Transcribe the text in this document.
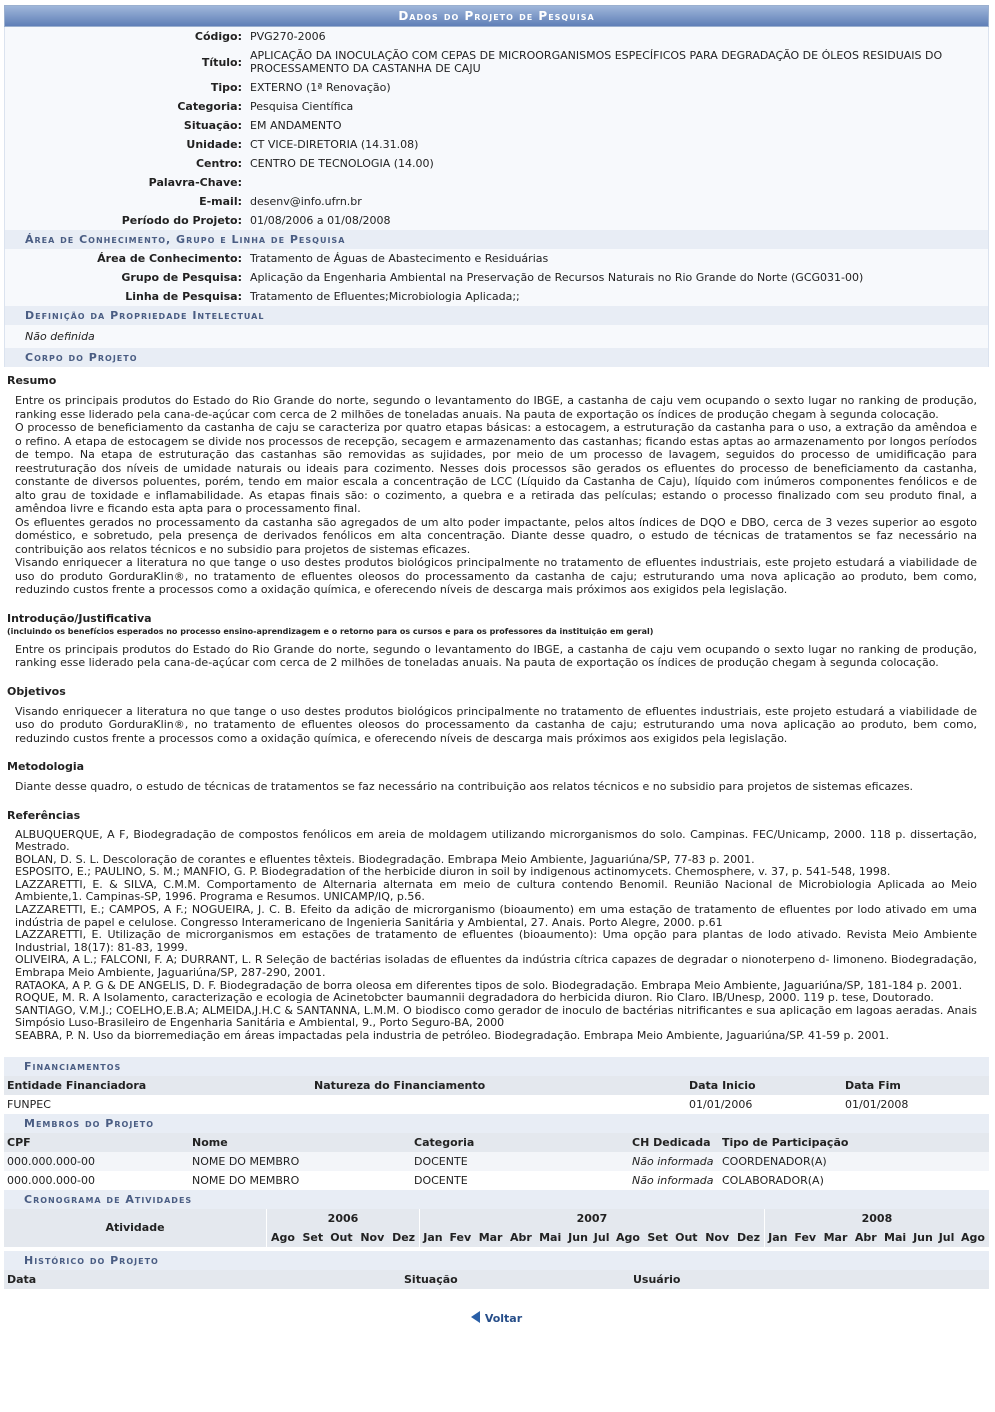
Dados do Projeto de Pesquisa
Código: PVG270-2006
Título: APLICAÇÃO DA INOCULAÇÃO COM CEPAS DE MICROORGANISMOS ESPECÍFICOS PARA DEGRADAÇÃO DE ÓLEOS RESIDUAIS DO PROCESSAMENTO DA CASTANHA DE CAJU
Tipo: EXTERNO (1ª Renovação)
Categoria: Pesquisa Científica
Situação: EM ANDAMENTO
Unidade: CT VICE-DIRETORIA (14.31.08)
Centro: CENTRO DE TECNOLOGIA (14.00)
Palavra-Chave:
E-mail: desenv@info.ufrn.br
Período do Projeto: 01/08/2006 a 01/08/2008
Área de Conhecimento, Grupo e Linha de Pesquisa
Área de Conhecimento: Tratamento de Águas de Abastecimento e Residuárias
Grupo de Pesquisa: Aplicação da Engenharia Ambiental na Preservação de Recursos Naturais no Rio Grande do Norte (GCG031-00)
Linha de Pesquisa: Tratamento de Efluentes;Microbiologia Aplicada;;
Definição da Propriedade Intelectual
Não definida
Corpo do Projeto
Resumo

Entre os principais produtos do Estado do Rio Grande do norte, segundo o levantamento do IBGE, a castanha de caju vem ocupando o sexto lugar no ranking de produção, ranking esse liderado pela cana-de-açúcar com cerca de 2 milhões de toneladas anuais. Na pauta de exportação os índices de produção chegam à segunda colocação.

O processo de beneficiamento da castanha de caju se caracteriza por quatro etapas básicas: a estocagem, a estruturação da castanha para o uso, a extração da amêndoa e o refino. A etapa de estocagem se divide nos processos de recepção, secagem e armazenamento das castanhas; ficando estas aptas ao armazenamento por longos períodos de tempo. Na etapa de estruturação das castanhas são removidas as sujidades, por meio de um processo de lavagem, seguidos do processo de umidificação para reestruturação dos níveis de umidade naturais ou ideais para cozimento. Nesses dois processos são gerados os efluentes do processo de beneficiamento da castanha, constante de diversos poluentes, porém, tendo em maior escala a concentração de LCC (Líquido da Castanha de Caju), líquido com inúmeros componentes fenólicos e de alto grau de toxidade e inflamabilidade. As etapas finais são: o cozimento, a quebra e a retirada das películas; estando o processo finalizado com seu produto final, a amêndoa livre e ficando esta apta para o processamento final.

Os efluentes gerados no processamento da castanha são agregados de um alto poder impactante, pelos altos índices de DQO e DBO, cerca de 3 vezes superior ao esgoto doméstico, e sobretudo, pela presença de derivados fenólicos em alta concentração. Diante desse quadro, o estudo de técnicas de tratamentos se faz necessário na contribuição aos relatos técnicos e no subsidio para projetos de sistemas eficazes.

Visando enriquecer a literatura no que tange o uso destes produtos biológicos principalmente no tratamento de efluentes industriais, este projeto estudará a viabilidade de uso do produto GorduraKlin®, no tratamento de efluentes oleosos do processamento da castanha de caju; estruturando uma nova aplicação ao produto, bem como, reduzindo custos frente a processos como a oxidação química, e oferecendo níveis de descarga mais próximos aos exigidos pela legislação.

Introdução/Justificativa
(incluindo os benefícios esperados no processo ensino-aprendizagem e o retorno para os cursos e para os professores da instituição em geral)

Entre os principais produtos do Estado do Rio Grande do norte, segundo o levantamento do IBGE, a castanha de caju vem ocupando o sexto lugar no ranking de produção, ranking esse liderado pela cana-de-açúcar com cerca de 2 milhões de toneladas anuais. Na pauta de exportação os índices de produção chegam à segunda colocação.

Objetivos

Visando enriquecer a literatura no que tange o uso destes produtos biológicos principalmente no tratamento de efluentes industriais, este projeto estudará a viabilidade de uso do produto GorduraKlin®, no tratamento de efluentes oleosos do processamento da castanha de caju; estruturando uma nova aplicação ao produto, bem como, reduzindo custos frente a processos como a oxidação química, e oferecendo níveis de descarga mais próximos aos exigidos pela legislação.

Metodologia

Diante desse quadro, o estudo de técnicas de tratamentos se faz necessário na contribuição aos relatos técnicos e no subsidio para projetos de sistemas eficazes.

Referências

ALBUQUERQUE, A F, Biodegradação de compostos fenólicos em areia de moldagem utilizando microrganismos do solo. Campinas. FEC/Unicamp, 2000. 118 p. dissertação, Mestrado.

BOLAN, D. S. L. Descoloração de corantes e efluentes têxteis. Biodegradação. Embrapa Meio Ambiente, Jaguariúna/SP, 77-83 p. 2001.

ESPOSITO, E.; PAULINO, S. M.; MANFIO, G. P. Biodegradation of the herbicide diuron in soil by indigenous actinomycets. Chemosphere, v. 37, p. 541-548, 1998.

LAZZARETTI, E. & SILVA, C.M.M. Comportamento de Alternaria alternata em meio de cultura contendo Benomil. Reunião Nacional de Microbiologia Aplicada ao Meio Ambiente,1. Campinas-SP, 1996. Programa e Resumos. UNICAMP/IQ, p.56.

LAZZARETTI, E.; CAMPOS, A F.; NOGUEIRA, J. C. B. Efeito da adição de microrganismo (bioaumento) em uma estação de tratamento de efluentes por lodo ativado em uma indústria de papel e celulose. Congresso Interamericano de Ingenieria Sanitária y Ambiental, 27. Anais. Porto Alegre, 2000. p.61

LAZZARETTI, E. Utilização de microrganismos em estações de tratamento de efluentes (bioaumento): Uma opção para plantas de lodo ativado. Revista Meio Ambiente Industrial, 18(17): 81-83, 1999.

OLIVEIRA, A L.; FALCONI, F. A; DURRANT, L. R Seleção de bactérias isoladas de efluentes da indústria cítrica capazes de degradar o nionoterpeno d- limoneno. Biodegradação, Embrapa Meio Ambiente, Jaguariúna/SP, 287-290, 2001.

RATAOKA, A P. G & DE ANGELIS, D. F. Biodegradação de borra oleosa em diferentes tipos de solo. Biodegradação. Embrapa Meio Ambiente, Jaguariúna/SP, 181-184 p. 2001.

ROQUE, M. R. A Isolamento, caracterização e ecologia de Acinetobcter baumannii degradadora do herbicida diuron. Rio Claro. IB/Unesp, 2000. 119 p. tese, Doutorado.

SANTIAGO, V.M.J.; COELHO,E.B.A; ALMEIDA,J.H.C & SANTANNA, L.M.M. O biodisco como gerador de inoculo de bactérias nitrificantes e sua aplicação em lagoas aeradas. Anais Simpósio Luso-Brasileiro de Engenharia Sanitária e Ambiental, 9., Porto Seguro-BA, 2000

SEABRA, P. N. Uso da biorremediação em áreas impactadas pela industria de petróleo. Biodegradação. Embrapa Meio Ambiente, Jaguariúna/SP. 41-59 p. 2001.

Financiamentos
Entidade Financiadora	Natureza do Financiamento	Data Inicio	Data Fim
FUNPEC		01/01/2006	01/01/2008
Membros do Projeto
CPF	Nome	Categoria	CH Dedicada	Tipo de Participação
000.000.000-00	NOME DO MEMBRO	DOCENTE	Não informada	COORDENADOR(A)
000.000.000-00	NOME DO MEMBRO	DOCENTE	Não informada	COLABORADOR(A)
Cronograma de Atividades
Atividade	2006					2007												2008							
	Ago	Set	Out	Nov	Dez	Jan	Fev	Mar	Abr	Mai	Jun	Jul	Ago	Set	Out	Nov	Dez	Jan	Fev	Mar	Abr	Mai	Jun	Jul	Ago
Histórico do Projeto
Data	Situação	Usuário
Voltar
